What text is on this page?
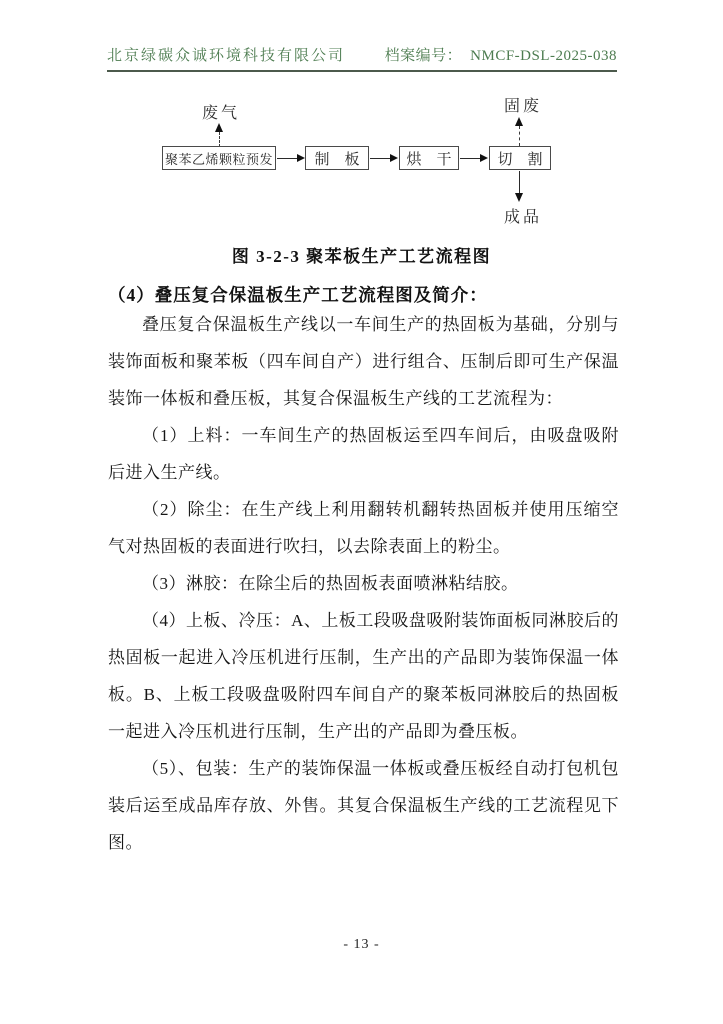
北京绿碳众诚环境科技有限公司	档案编号： NMCF-DSL-2025-038
废气
聚苯乙烯颗粒预发	制　板	烘　干	切　割
固废
成品
图 3-2-3 聚苯板生产工艺流程图
（4）叠压复合保温板生产工艺流程图及简介：

叠压复合保温板生产线以一车间生产的热固板为基础，分别与装饰面板和聚苯板（四车间自产）进行组合、压制后即可生产保温装饰一体板和叠压板，其复合保温板生产线的工艺流程为：

（1）上料：一车间生产的热固板运至四车间后，由吸盘吸附后进入生产线。

（2）除尘：在生产线上利用翻转机翻转热固板并使用压缩空气对热固板的表面进行吹扫，以去除表面上的粉尘。

（3）淋胶：在除尘后的热固板表面喷淋粘结胶。

（4）上板、冷压：A、上板工段吸盘吸附装饰面板同淋胶后的热固板一起进入冷压机进行压制，生产出的产品即为装饰保温一体板。B、上板工段吸盘吸附四车间自产的聚苯板同淋胶后的热固板一起进入冷压机进行压制，生产出的产品即为叠压板。

（5）、包装：生产的装饰保温一体板或叠压板经自动打包机包装后运至成品库存放、外售。其复合保温板生产线的工艺流程见下图。

- 13 -
